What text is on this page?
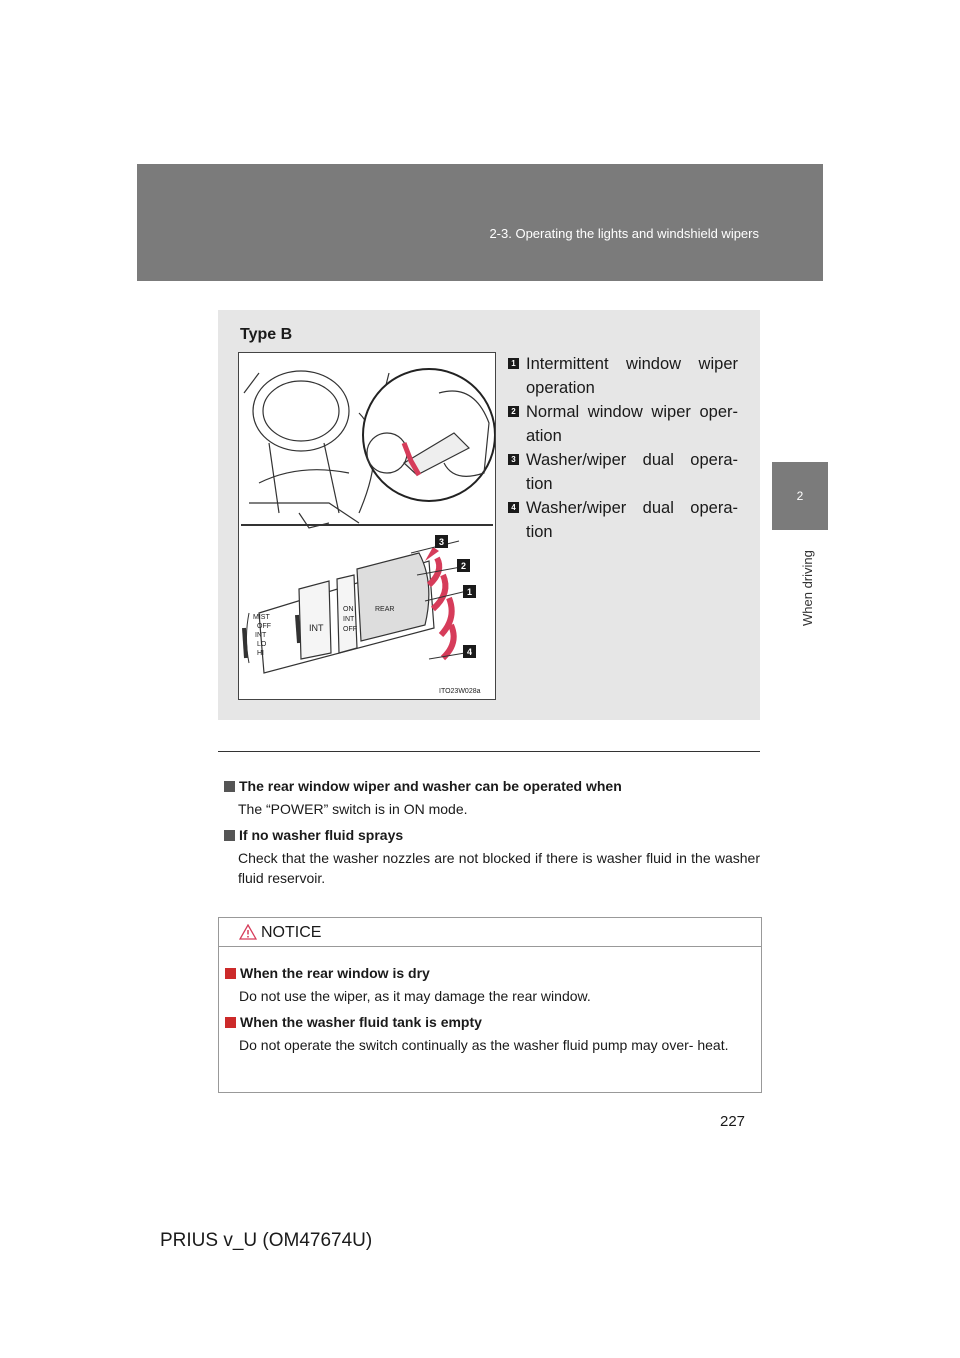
2-3. Operating the lights and windshield wipers
2
When driving
Type B
3
2
1
4
MIST
OFF
INT
LO
HI
ON
INT
OFF
REAR
INT
ITO23W028a
1 Intermittent window wiper operation
2 Normal window wiper oper- ation
3 Washer/wiper dual opera- tion
4 Washer/wiper dual opera- tion
The rear window wiper and washer can be operated when
The “POWER” switch is in ON mode.
If no washer fluid sprays
Check that the washer nozzles are not blocked if there is washer fluid in the washer fluid reservoir.
NOTICE
When the rear window is dry
Do not use the wiper, as it may damage the rear window.
When the washer fluid tank is empty
Do not operate the switch continually as the washer fluid pump may over- heat.
227
PRIUS v_U (OM47674U)
